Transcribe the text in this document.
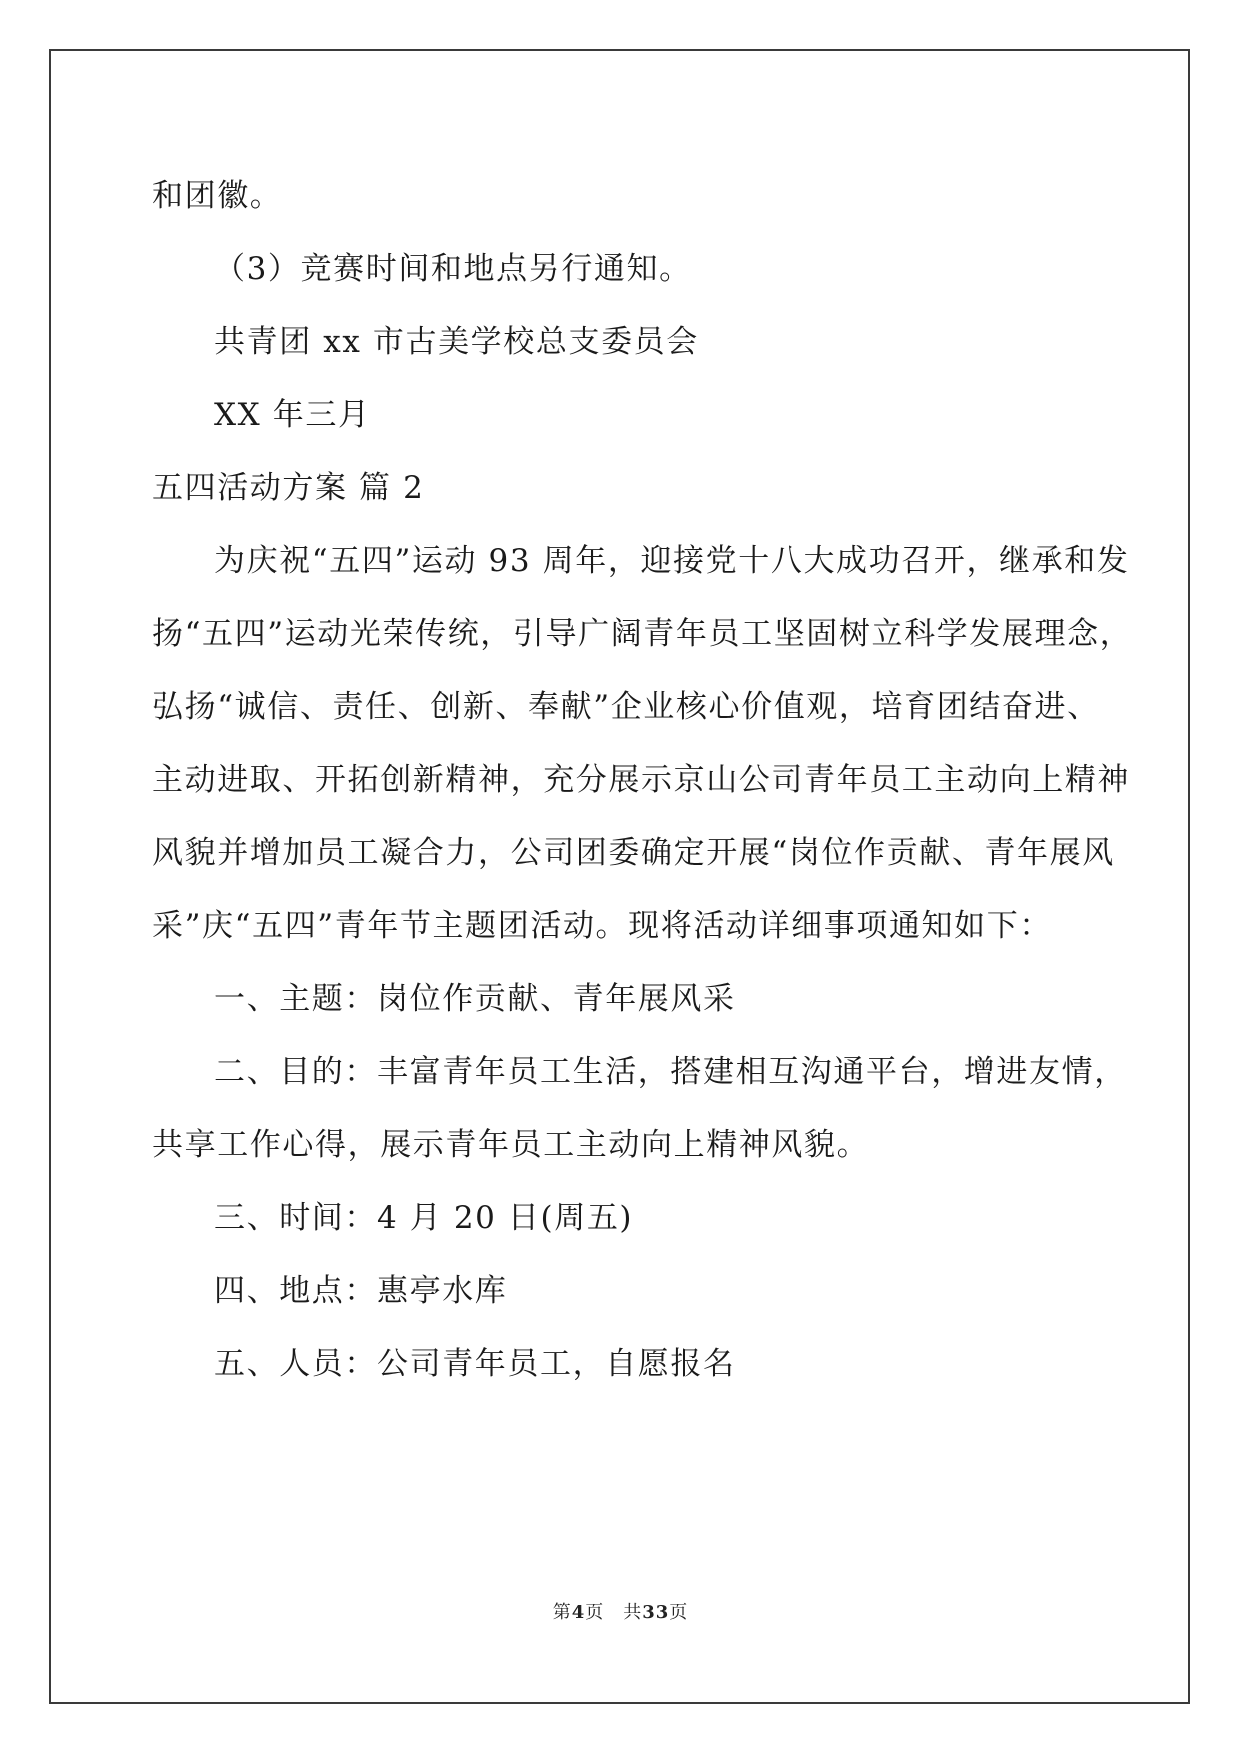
和团徽。
（3）竞赛时间和地点另行通知。
共青团 xx 市古美学校总支委员会
XX 年三月
五四活动方案 篇 2
为庆祝“五四”运动 93 周年，迎接党十八大成功召开，继承和发
扬“五四”运动光荣传统，引导广阔青年员工坚固树立科学发展理念，
弘扬“诚信、责任、创新、奉献”企业核心价值观，培育团结奋进、
主动进取、开拓创新精神，充分展示京山公司青年员工主动向上精神
风貌并增加员工凝合力，公司团委确定开展“岗位作贡献、青年展风
采”庆“五四”青年节主题团活动。现将活动详细事项通知如下：
一、主题：岗位作贡献、青年展风采
二、目的：丰富青年员工生活，搭建相互沟通平台，增进友情，
共享工作心得，展示青年员工主动向上精神风貌。
三、时间：4 月 20 日(周五)
四、地点：惠亭水库
五、人员：公司青年员工，自愿报名
第4页　共33页
